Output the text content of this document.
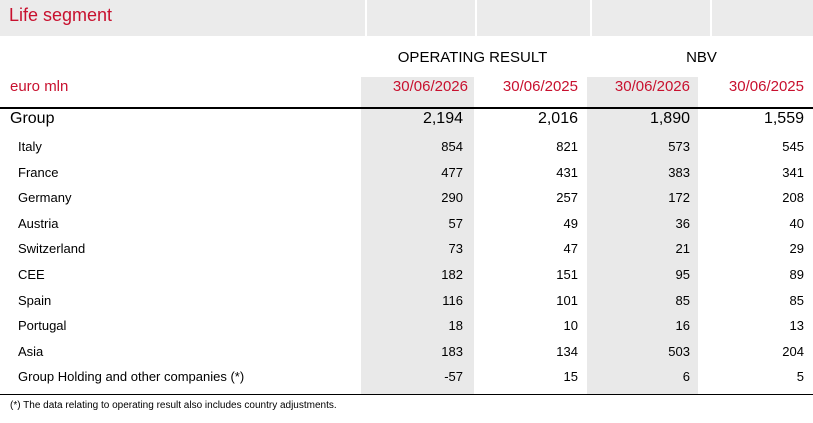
Life segment
OPERATING RESULT	NBV
euro mln	30/06/2026	30/06/2025	30/06/2026	30/06/2025
Group	2,194	2,016	1,890	1,559
Italy	854	821	573	545
France	477	431	383	341
Germany	290	257	172	208
Austria	57	49	36	40
Switzerland	73	47	21	29
CEE	182	151	95	89
Spain	116	101	85	85
Portugal	18	10	16	13
Asia	183	134	503	204
Group Holding and other companies (*)	-57	15	6	5
(*) The data relating to operating result also includes country adjustments.
